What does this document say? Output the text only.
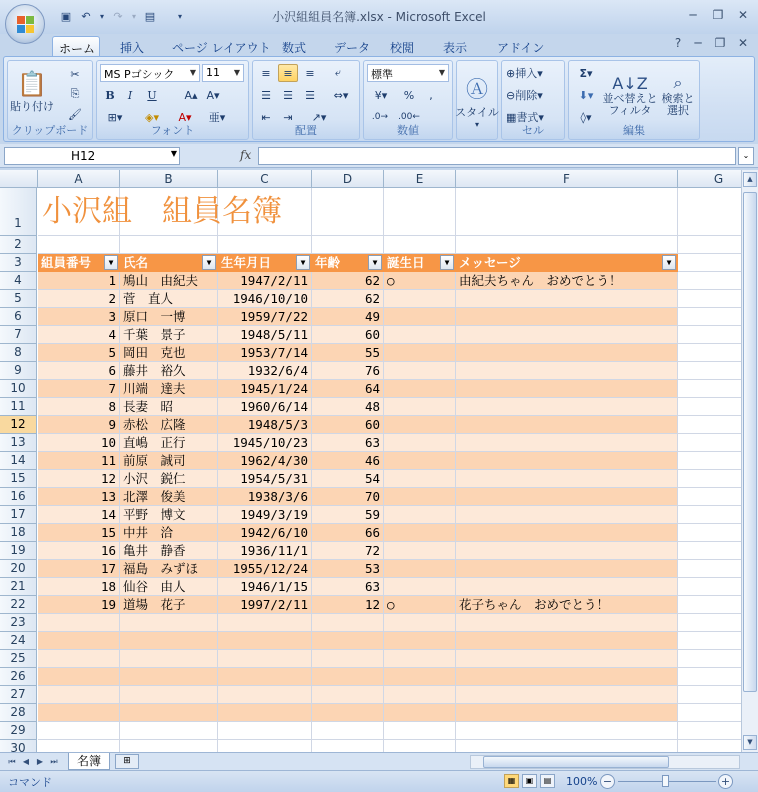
▣ ↶	▾ ↷	▾ ▤	▾	小沢組組員名簿.xlsx - Microsoft Excel	─	❐ ✕
ホーム	挿入	ページ レイアウト 数式	データ	校閲	表示	アドイン	?	─	❐ ✕
📋
貼り付け
✂
⎘
🖌
クリップボード
MS Pゴシック	▼ 11	▼
B	I	U	A▴ A▾
⊞▾	◈▾	A▾	亜▾
フォント
≡	≡	≡	⤶
☰	☰	☰	⇔▾
⇤	⇥	↗▾
配置
標準	▼
¥▾	%	,
.0→	.00←
数値
Ⓐ
スタイル
▾
⊕ 挿入 ▾
⊖ 削除 ▾
▦ 書式 ▾
セル
Σ▾
⬇▾
◊▾
A↓Z
並べ替えと
フィルタ
⌕
検索と
選択
編集
H12	▼	fx	⌄
A	B	C	D	E	F	G
1
2
3
4
5
6
7
8
9
10
11
12
13
14
15
16
17
18
19
20
21
22
23
24
25
26
27
28
29
30
組員番号	▼ 氏名	▼ 生年月日	▼ 年齢	▼ 誕生日	▼ メッセージ	▼
1 鳩山　由紀夫	1947/2/11	62 ○	由紀夫ちゃん　おめでとう！
2 菅　直人	1946/10/10	62
3 原口　一博	1959/7/22	49
4 千葉　景子	1948/5/11	60
5 岡田　克也	1953/7/14	55
6 藤井　裕久	1932/6/4	76
7 川端　達夫	1945/1/24	64
8 長妻　昭	1960/6/14	48
9 赤松　広隆	1948/5/3	60
10 直嶋　正行	1945/10/23	63
11 前原　誠司	1962/4/30	46
12 小沢　鋭仁	1954/5/31	54
13 北澤　俊美	1938/3/6	70
14 平野　博文	1949/3/19	59
15 中井　洽	1942/6/10	66
16 亀井　静香	1936/11/1	72
17 福島　みずほ	1955/12/24	53
18 仙谷　由人	1946/1/15	63
19 道場　花子	1997/2/11	12 ○	花子ちゃん　おめでとう！
小沢組　組員名簿
▲
▼
⏮ ◀ ▶ ⏭	名簿	⊞
コマンド	▦	▣	▤	100% −	+
